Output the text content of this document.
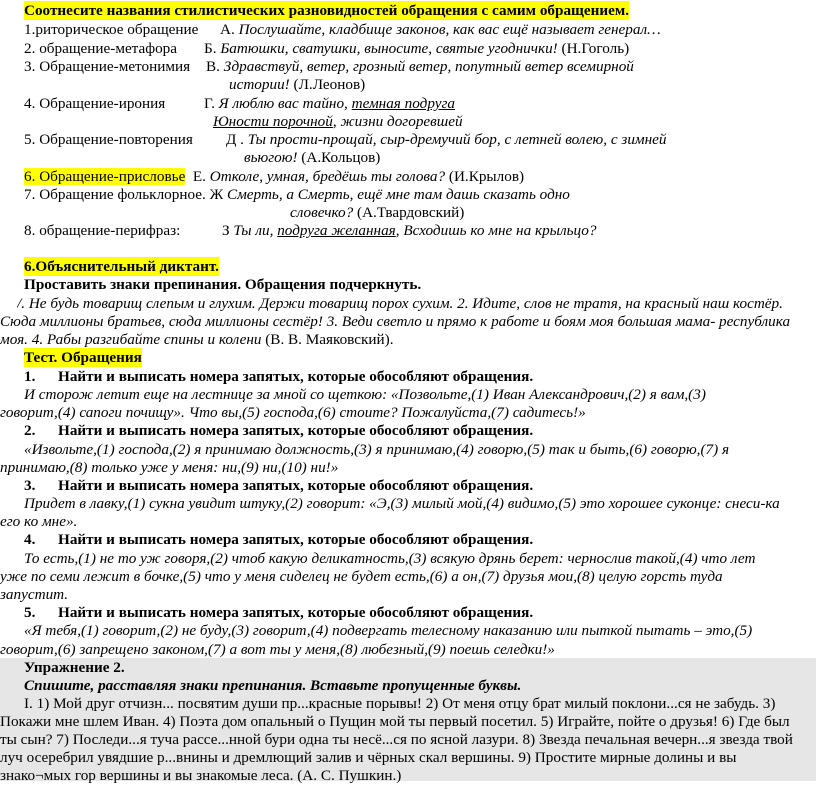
Соотнесите названия стилистических разновидностей обращения с самим обращением.
1.риторическое обращение А. Послушайте, кладбище законов, как вас ещё называет генерал…
2. обращение-метафора Б. Батюшки, сватушки, выносите, святые угоднички! (Н.Гоголь)
3. Обращение-метонимия В. Здравствуй, ветер, грозный ветер, попутный ветер всемирной
истории! (Л.Леонов)
4. Обращение-ирония	Г. Я люблю вас тайно, темная подруга
Юности порочной, жизни догоревшей
5. Обращение-повторения Д . Ты прости-прощай, сыр-дремучий бор, с летней волею, с зимней
вьюгою! (А.Кольцов)
6. Обращение-присловье Е. Отколе, умная, бредёшь ты голова? (И.Крылов)
7. Обращение фольклорное. Ж Смерть, а Смерть, ещё мне там дашь сказать одно
словечко? (А.Твардовский)
8. обращение-перифраз:	З Ты ли, подруга желанная, Всходишь ко мне на крыльцо?
6.Объяснительный диктант.
Проставить знаки препинания. Обращения подчеркнуть.
/. Не будь товарищ слепым и глухим. Держи товарищ порох сухим. 2. Идите, слов не тратя, на красный наш костёр.
Сюда миллионы братьев, сюда миллионы сестёр! 3. Веди светло и прямо к работе и боям моя большая мама- республика
моя. 4. Рабы разгибайте спины и колени (В. В. Маяковский).
Тест. Обращения
1. Найти и выписать номера запятых, которые обособляют обращения.
И сторож летит еще на лестнице за мной со щеткою: «Позвольте,(1) Иван Александрович,(2) я вам,(3)
говорит,(4) сапоги почищу». Что вы,(5) господа,(6) стоите? Пожалуйста,(7) садитесь!»
2. Найти и выписать номера запятых, которые обособляют обращения.
«Извольте,(1) господа,(2) я принимаю должность,(3) я принимаю,(4) говорю,(5) так и быть,(6) говорю,(7) я
принимаю,(8) только уже у меня: ни,(9) ни,(10) ни!»
3. Найти и выписать номера запятых, которые обособляют обращения.
Придет в лавку,(1) сукна увидит штуку,(2) говорит: «Э,(3) милый мой,(4) видимо,(5) это хорошее суконце: снеси-ка
его ко мне».
4. Найти и выписать номера запятых, которые обособляют обращения.
То есть,(1) не то уж говоря,(2) чтоб какую деликатность,(3) всякую дрянь берет: чернослив такой,(4) что лет
уже по семи лежит в бочке,(5) что у меня сиделец не будет есть,(6) а он,(7) друзья мои,(8) целую горсть туда
запустит.
5. Найти и выписать номера запятых, которые обособляют обращения.
«Я тебя,(1) говорит,(2) не буду,(3) говорит,(4) подвергать телесному наказанию или пыткой пытать – это,(5)
говорит,(6) запрещено законом,(7) а вот ты у меня,(8) любезный,(9) поешь селедки!»
Упражнение 2.
Спишите, расставляя знаки препинания. Вставьте пропущенные буквы.
I. 1) Мой друг отчизн... посвятим души пр...красные порывы! 2) От меня отцу брат милый поклони...ся не забудь. 3)
Покажи мне шлем Иван. 4) Поэта дом опальный о Пущин мой ты первый посетил. 5) Играйте, пойте о друзья! 6) Где был
ты сын? 7) Последи...я туча рассе...нной бури одна ты несё...ся по ясной лазури. 8) Звезда печальная вечерн...я звезда твой
луч осеребрил увядшие р...внины и дремлющий залив и чёрных скал вершины. 9) Простите мирные долины и вы
знако¬мых гор вершины и вы знакомые леса. (А. С. Пушкин.)
